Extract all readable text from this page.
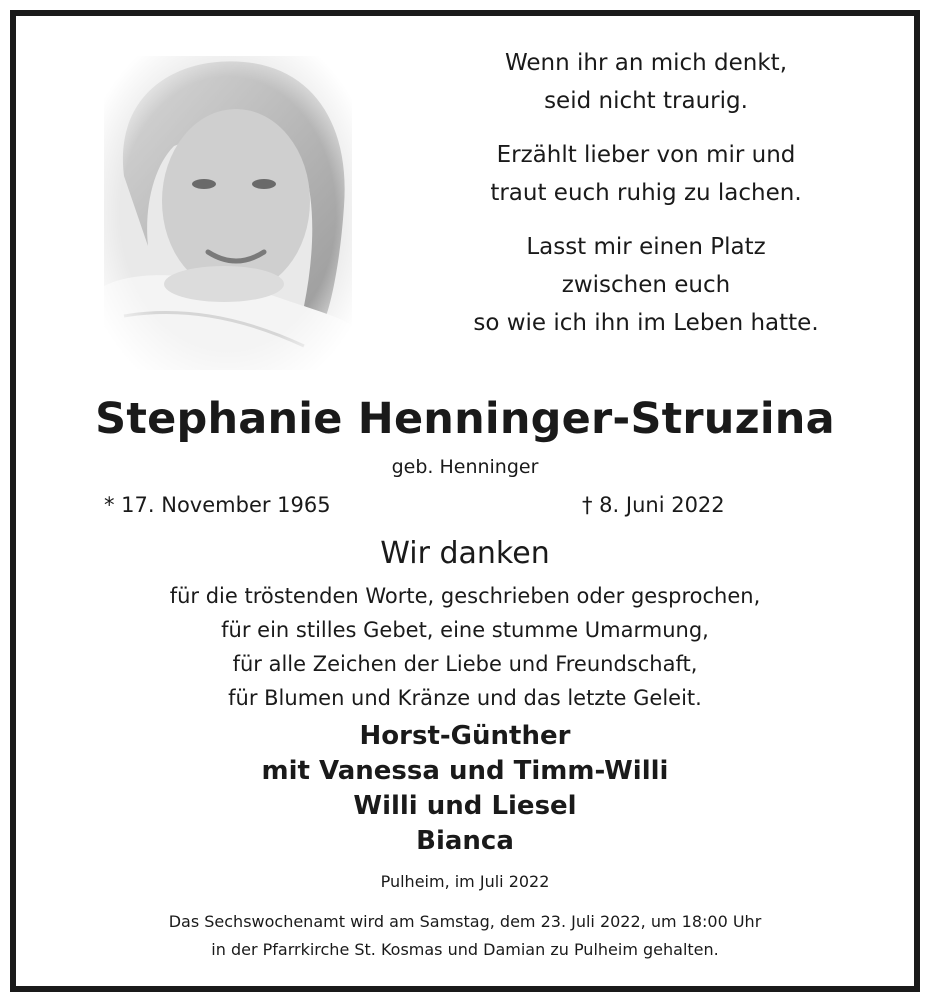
Wenn ihr an mich denkt,
seid nicht traurig.
Erzählt lieber von mir und
traut euch ruhig zu lachen.
Lasst mir einen Platz
zwischen euch
so wie ich ihn im Leben hatte.
Stephanie Henninger-Struzina
geb. Henninger
* 17. November 1965	† 8. Juni 2022
Wir danken
für die tröstenden Worte, geschrieben oder gesprochen,
für ein stilles Gebet, eine stumme Umarmung,
für alle Zeichen der Liebe und Freundschaft,
für Blumen und Kränze und das letzte Geleit.
Horst-Günther
mit Vanessa und Timm-Willi
Willi und Liesel
Bianca
Pulheim, im Juli 2022
Das Sechswochenamt wird am Samstag, dem 23. Juli 2022, um 18:00 Uhr
in der Pfarrkirche St. Kosmas und Damian zu Pulheim gehalten.
